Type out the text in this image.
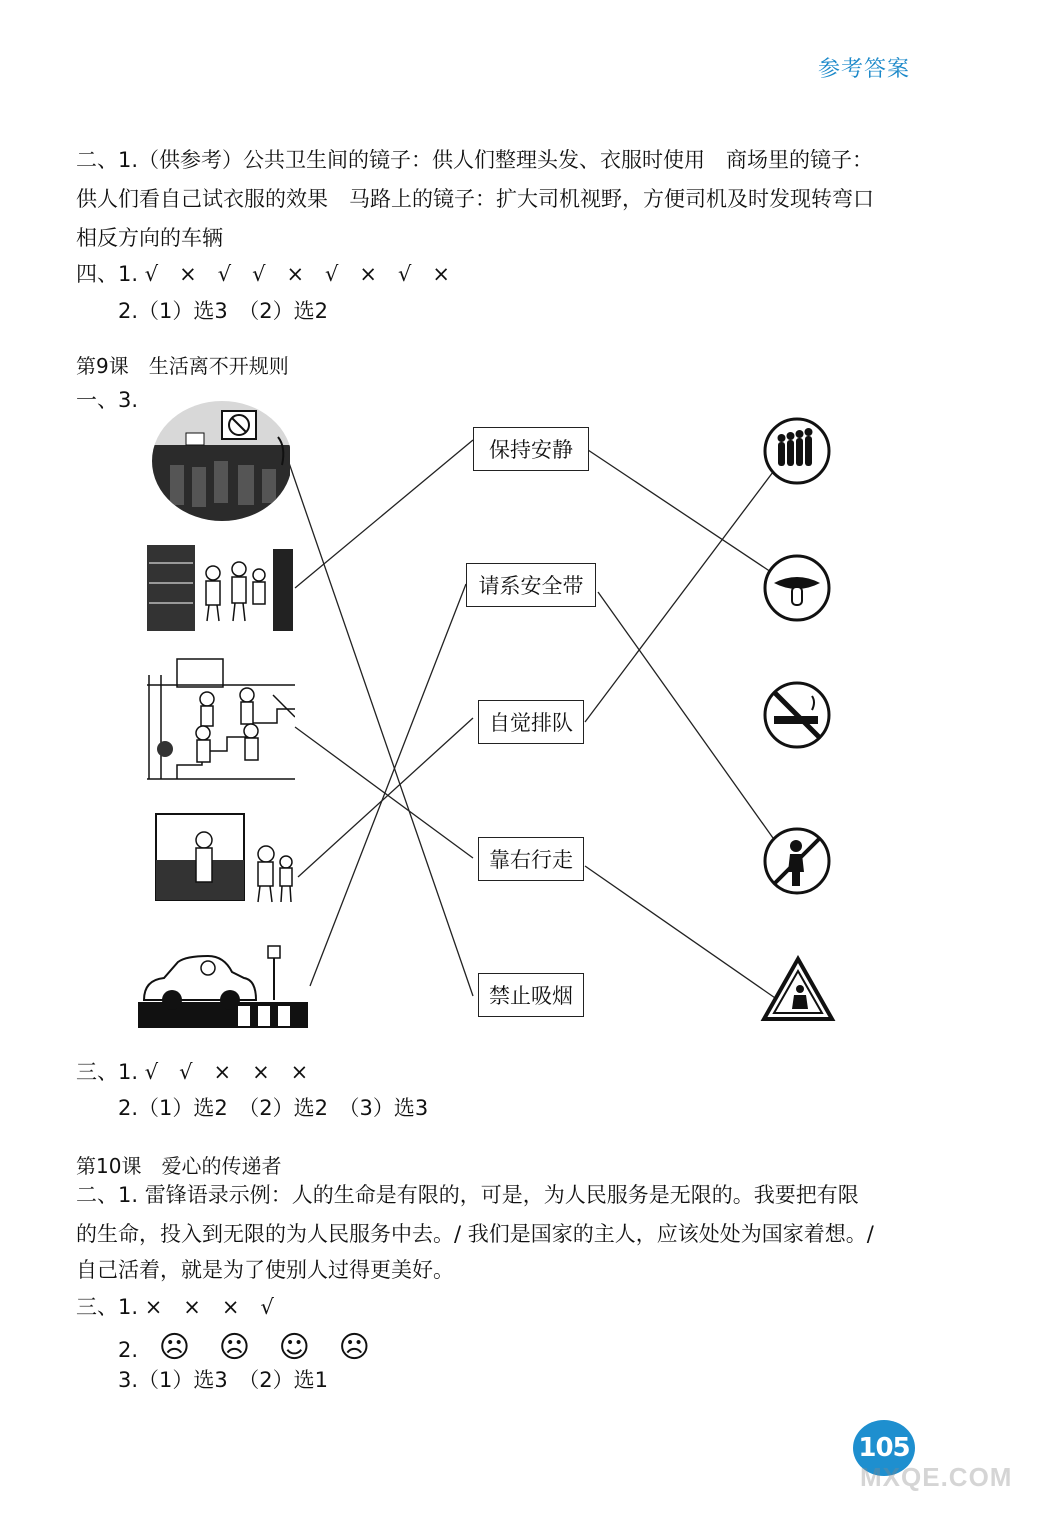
参考答案
二、1.（供参考）公共卫生间的镜子：供人们整理头发、衣服时使用　商场里的镜子：
供人们看自己试衣服的效果　马路上的镜子：扩大司机视野，方便司机及时发现转弯口
相反方向的车辆
四、1. √　×　√　√　×　√　×　√　×
2.（1）选3　（2）选2
第9课　生活离不开规则
一、3.
保持安静
请系安全带
自觉排队
靠右行走
禁止吸烟
三、1. √　√　×　×　×
2.（1）选2　（2）选2　（3）选3
第10课　爱心的传递者
二、1. 雷锋语录示例：人的生命是有限的，可是，为人民服务是无限的。我要把有限
的生命，投入到无限的为人民服务中去。/ 我们是国家的主人，应该处处为国家着想。/
自己活着，就是为了使别人过得更美好。
三、1. ×　×　×　√
2. ☹ ☹ ☺ ☹
3.（1）选3　（2）选1
105
MXQE.COM
